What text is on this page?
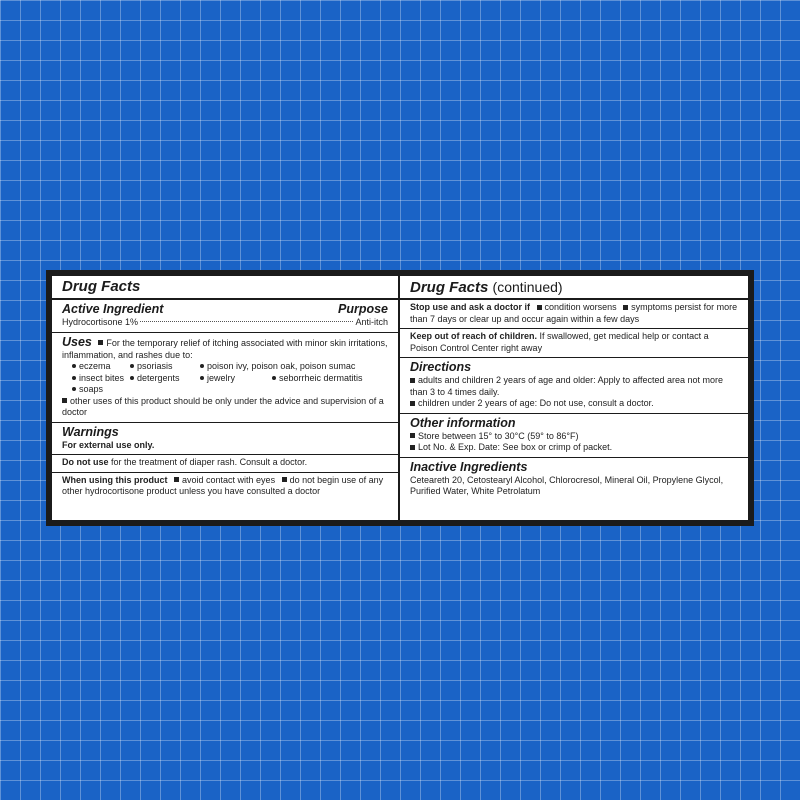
Drug Facts
Active Ingredient	Purpose
Hydrocortisone 1%	Anti-itch
Uses For the temporary relief of itching associated with minor skin irritations, inflammation, and rashes due to:
eczema	psoriasis	poison ivy, poison oak, poison sumac
insect bites	detergents	jewelry	seborrheic dermatitis
soaps
other uses of this product should be only under the advice and supervision of a doctor
Warnings
For external use only.
Do not use for the treatment of diaper rash. Consult a doctor.
When using this product avoid contact with eyes do not begin use of any other hydrocortisone product unless you have consulted a doctor
Drug Facts (continued)
Stop use and ask a doctor if condition worsens symptoms persist for more than 7 days or clear up and occur again within a few days
Keep out of reach of children. If swallowed, get medical help or contact a Poison Control Center right away
Directions
adults and children 2 years of age and older: Apply to affected area not more than 3 to 4 times daily.
children under 2 years of age: Do not use, consult a doctor.
Other information
Store between 15° to 30°C (59° to 86°F)
Lot No. & Exp. Date: See box or crimp of packet.
Inactive Ingredients
Ceteareth 20, Cetostearyl Alcohol, Chlorocresol, Mineral Oil, Propylene Glycol, Purified Water, White Petrolatum
